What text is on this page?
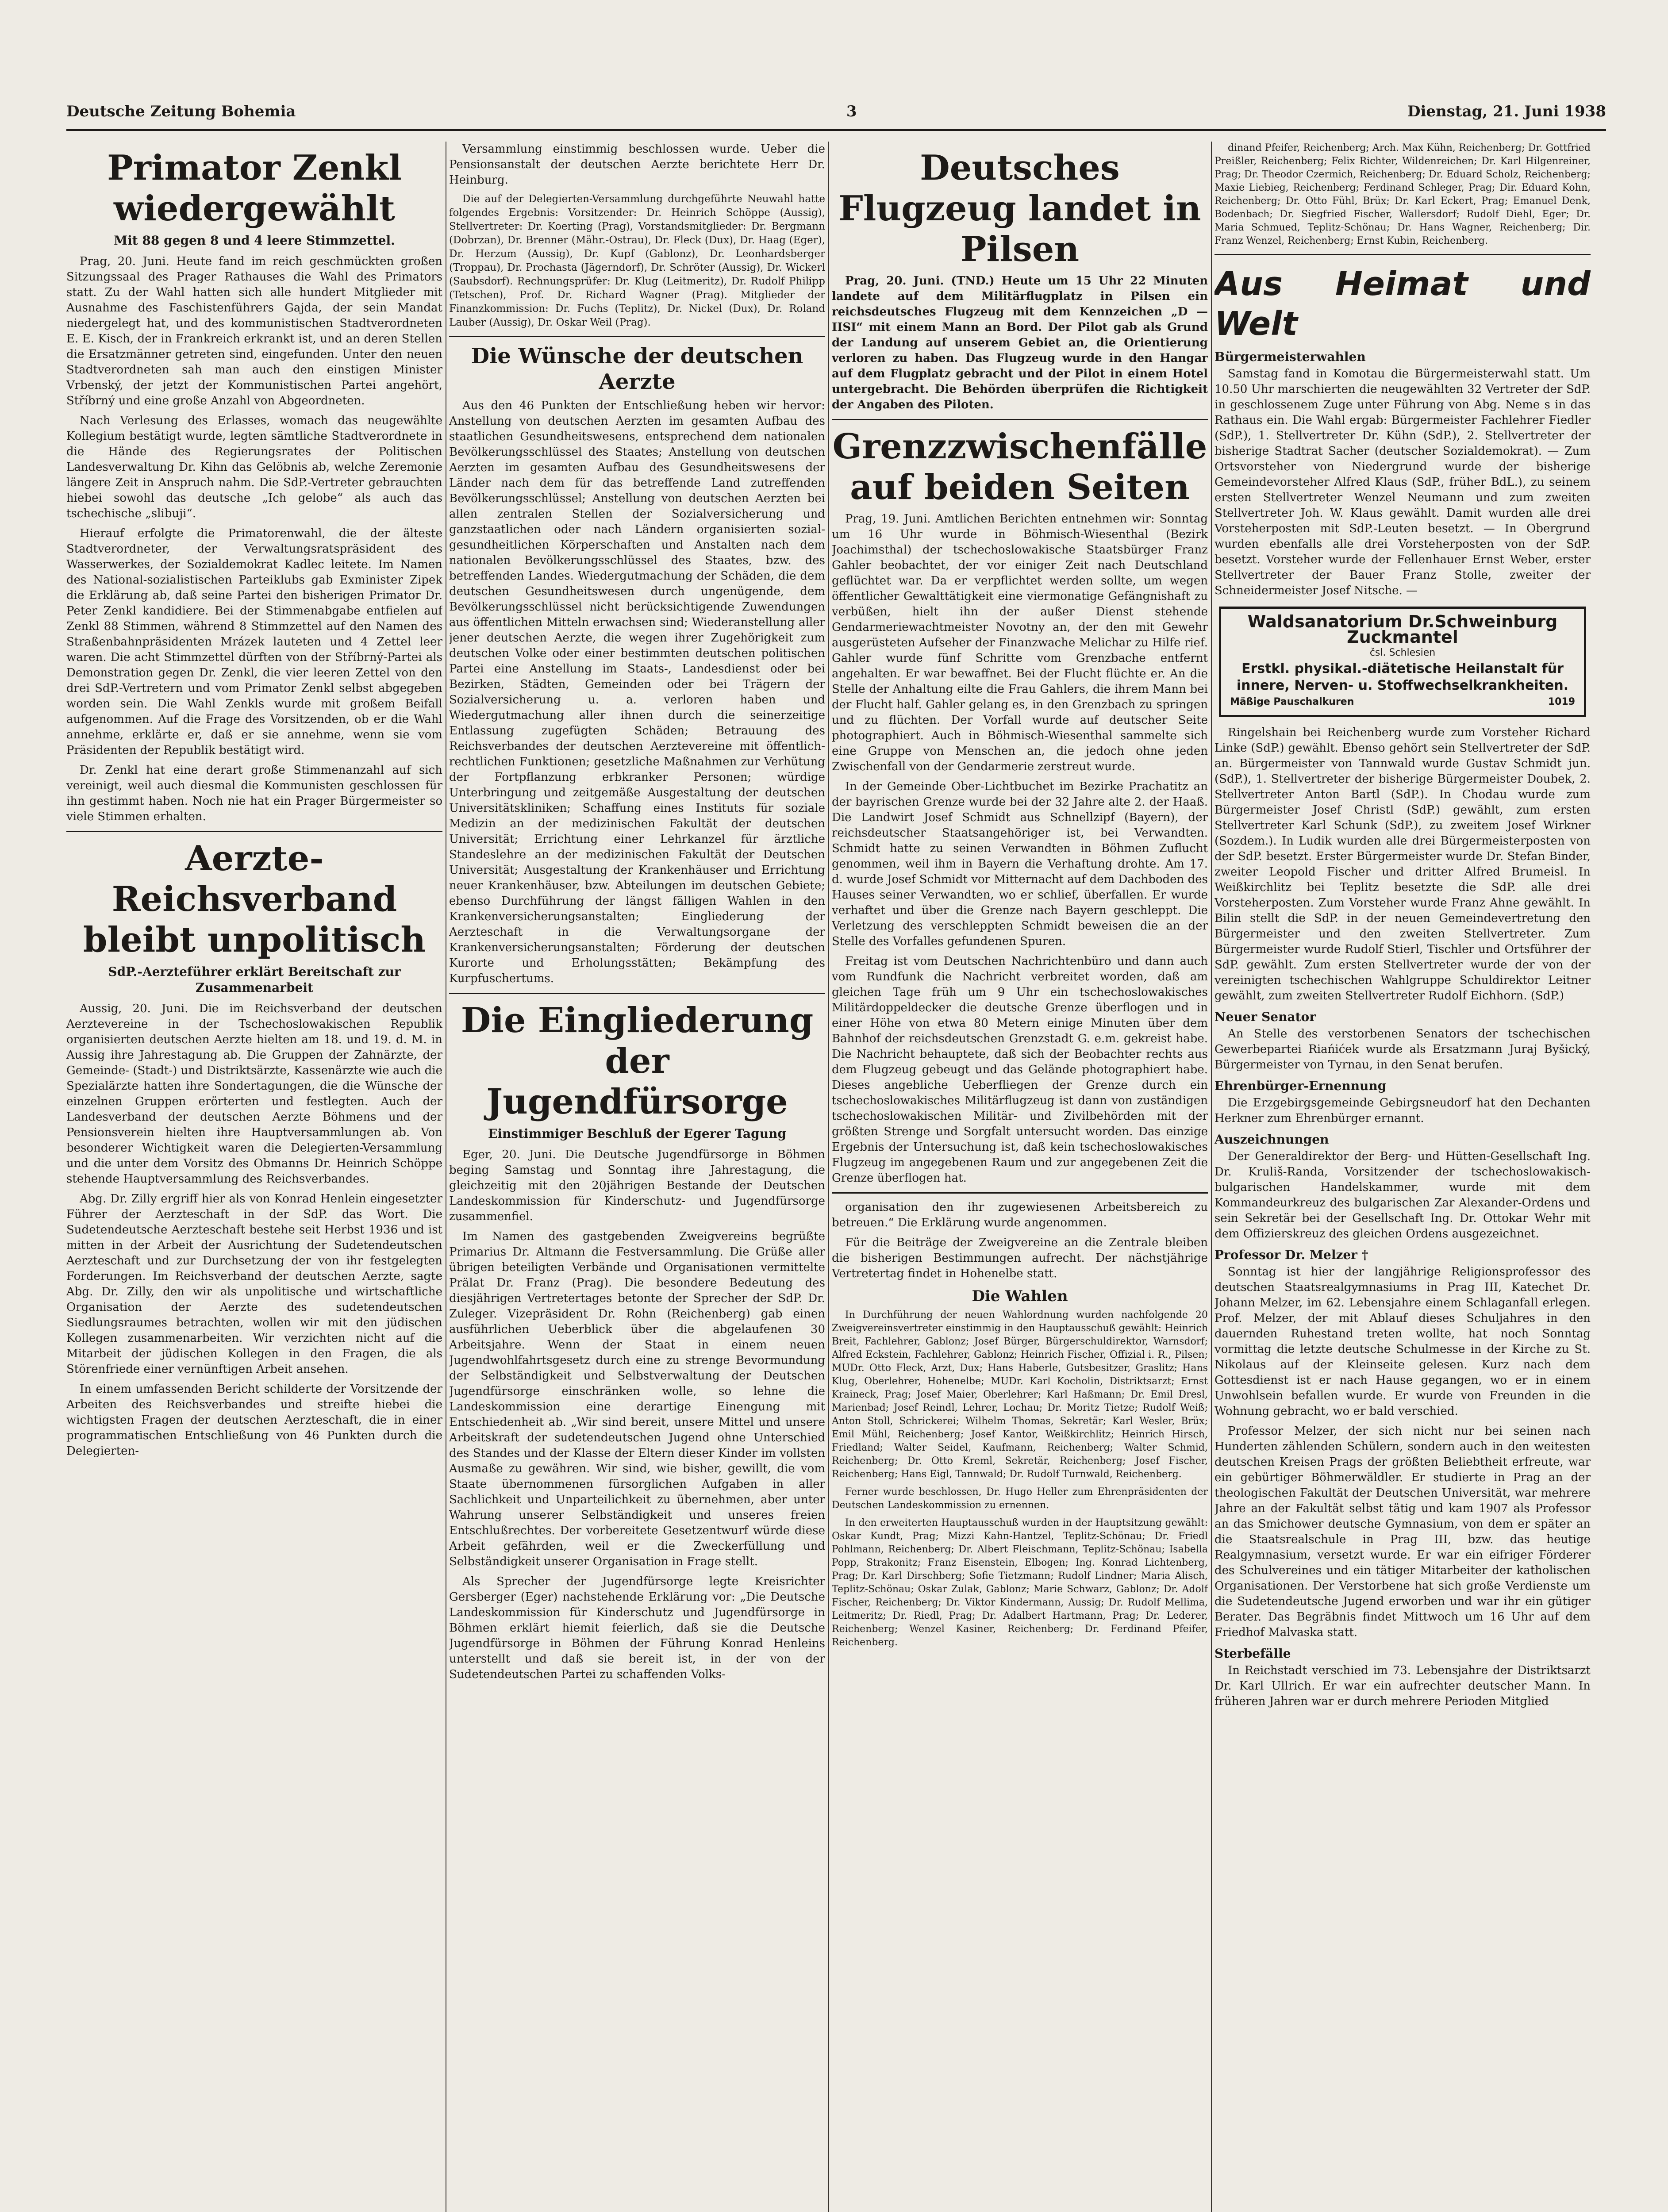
Deutsche Zeitung Bohemia	3	Dienstag, 21. Juni 1938
Primator Zenkl wiedergewählt
Mit 88 gegen 8 und 4 leere Stimmzettel.

Prag, 20. Juni. Heute fand im reich geschmückten großen Sitzungssaal des Prager Rathauses die Wahl des Primators statt. Zu der Wahl hatten sich alle hundert Mitglieder mit Ausnahme des Faschistenführers Gajda, der sein Mandat niedergelegt hat, und des kommunistischen Stadtverordneten E. E. Kisch, der in Frankreich erkrankt ist, und an deren Stellen die Ersatzmänner getreten sind, eingefunden. Unter den neuen Stadtverordneten sah man auch den einstigen Minister Vrbenský, der jetzt der Kommunistischen Partei angehört, Stříbrný und eine große Anzahl von Abgeordneten.

Nach Verlesung des Erlasses, womach das neugewählte Kollegium bestätigt wurde, legten sämtliche Stadtverordnete in die Hände des Regierungsrates der Politischen Landesverwaltung Dr. Kihn das Gelöbnis ab, welche Zeremonie längere Zeit in Anspruch nahm. Die SdP.-Vertreter gebrauchten hiebei sowohl das deutsche „Ich gelobe“ als auch das tschechische „slibuji“.

Hierauf erfolgte die Primatorenwahl, die der älteste Stadtverordneter, der Verwaltungsratspräsident des Wasserwerkes, der Sozialdemokrat Kadlec leitete. Im Namen des National-sozialistischen Parteiklubs gab Exminister Zipek die Erklärung ab, daß seine Partei den bisherigen Primator Dr. Peter Zenkl kandidiere. Bei der Stimmenabgabe entfielen auf Zenkl 88 Stimmen, während 8 Stimmzettel auf den Namen des Straßenbahnpräsidenten Mrázek lauteten und 4 Zettel leer waren. Die acht Stimmzettel dürften von der Stříbrný-Partei als Demonstration gegen Dr. Zenkl, die vier leeren Zettel von den drei SdP.-Vertretern und vom Primator Zenkl selbst abgegeben worden sein. Die Wahl Zenkls wurde mit großem Beifall aufgenommen. Auf die Frage des Vorsitzenden, ob er die Wahl annehme, erklärte er, daß er sie annehme, wenn sie vom Präsidenten der Republik bestätigt wird.

Dr. Zenkl hat eine derart große Stimmenanzahl auf sich vereinigt, weil auch diesmal die Kommunisten geschlossen für ihn gestimmt haben. Noch nie hat ein Prager Bürgermeister so viele Stimmen erhalten.

Aerzte-Reichsverband bleibt unpolitisch
SdP.-Aerzteführer erklärt Bereitschaft zur Zusammenarbeit

Aussig, 20. Juni. Die im Reichsverband der deutschen Aerztevereine in der Tschechoslowakischen Republik organisierten deutschen Aerzte hielten am 18. und 19. d. M. in Aussig ihre Jahrestagung ab. Die Gruppen der Zahnärzte, der Gemeinde- (Stadt-) und Distriktsärzte, Kassenärzte wie auch die Spezialärzte hatten ihre Sondertagungen, die die Wünsche der einzelnen Gruppen erörterten und festlegten. Auch der Landesverband der deutschen Aerzte Böhmens und der Pensionsverein hielten ihre Hauptversammlungen ab. Von besonderer Wichtigkeit waren die Delegierten-Versammlung und die unter dem Vorsitz des Obmanns Dr. Heinrich Schöppe stehende Hauptversammlung des Reichsverbandes.

Abg. Dr. Zilly ergriff hier als von Konrad Henlein eingesetzter Führer der Aerzteschaft in der SdP. das Wort. Die Sudetendeutsche Aerzteschaft bestehe seit Herbst 1936 und ist mitten in der Arbeit der Ausrichtung der Sudetendeutschen Aerzteschaft und zur Durchsetzung der von ihr festgelegten Forderungen. Im Reichsverband der deutschen Aerzte, sagte Abg. Dr. Zilly, den wir als unpolitische und wirtschaftliche Organisation der Aerzte des sudetendeutschen Siedlungsraumes betrachten, wollen wir mit den jüdischen Kollegen zusammenarbeiten. Wir verzichten nicht auf die Mitarbeit der jüdischen Kollegen in den Fragen, die als Störenfriede einer vernünftigen Arbeit ansehen.

In einem umfassenden Bericht schilderte der Vorsitzende der Arbeiten des Reichsverbandes und streifte hiebei die wichtigsten Fragen der deutschen Aerzteschaft, die in einer programmatischen Entschließung von 46 Punkten durch die Delegierten-

Versammlung einstimmig beschlossen wurde. Ueber die Pensionsanstalt der deutschen Aerzte berichtete Herr Dr. Heinburg.

Die auf der Delegierten-Versammlung durchgeführte Neuwahl hatte folgendes Ergebnis: Vorsitzender: Dr. Heinrich Schöppe (Aussig), Stellvertreter: Dr. Koerting (Prag), Vorstandsmitglieder: Dr. Bergmann (Dobrzan), Dr. Brenner (Mähr.-Ostrau), Dr. Fleck (Dux), Dr. Haag (Eger), Dr. Herzum (Aussig), Dr. Kupf (Gablonz), Dr. Leonhardsberger (Troppau), Dr. Prochasta (Jägerndorf), Dr. Schröter (Aussig), Dr. Wickerl (Saubsdorf). Rechnungsprüfer: Dr. Klug (Leitmeritz), Dr. Rudolf Philipp (Tetschen), Prof. Dr. Richard Wagner (Prag). Mitglieder der Finanzkommission: Dr. Fuchs (Teplitz), Dr. Nickel (Dux), Dr. Roland Lauber (Aussig), Dr. Oskar Weil (Prag).

Die Wünsche der deutschen Aerzte

Aus den 46 Punkten der Entschließung heben wir hervor: Anstellung von deutschen Aerzten im gesamten Aufbau des staatlichen Gesundheitswesens, entsprechend dem nationalen Bevölkerungsschlüssel des Staates; Anstellung von deutschen Aerzten im gesamten Aufbau des Gesundheitswesens der Länder nach dem für das betreffende Land zutreffenden Bevölkerungsschlüssel; Anstellung von deutschen Aerzten bei allen zentralen Stellen der Sozialversicherung und ganzstaatlichen oder nach Ländern organisierten sozial-gesundheitlichen Körperschaften und Anstalten nach dem nationalen Bevölkerungsschlüssel des Staates, bzw. des betreffenden Landes. Wiedergutmachung der Schäden, die dem deutschen Gesundheitswesen durch ungenügende, dem Bevölkerungsschlüssel nicht berücksichtigende Zuwendungen aus öffentlichen Mitteln erwachsen sind; Wiederanstellung aller jener deutschen Aerzte, die wegen ihrer Zugehörigkeit zum deutschen Volke oder einer bestimmten deutschen politischen Partei eine Anstellung im Staats-, Landesdienst oder bei Bezirken, Städten, Gemeinden oder bei Trägern der Sozialversicherung u. a. verloren haben und Wiedergutmachung aller ihnen durch die seinerzeitige Entlassung zugefügten Schäden; Betrauung des Reichsverbandes der deutschen Aerztevereine mit öffentlich-rechtlichen Funktionen; gesetzliche Maßnahmen zur Verhütung der Fortpflanzung erbkranker Personen; würdige Unterbringung und zeitgemäße Ausgestaltung der deutschen Universitätskliniken; Schaffung eines Instituts für soziale Medizin an der medizinischen Fakultät der deutschen Universität; Errichtung einer Lehrkanzel für ärztliche Standeslehre an der medizinischen Fakultät der Deutschen Universität; Ausgestaltung der Krankenhäuser und Errichtung neuer Krankenhäuser, bzw. Abteilungen im deutschen Gebiete; ebenso Durchführung der längst fälligen Wahlen in den Krankenversicherungsanstalten; Eingliederung der Aerzteschaft in die Verwaltungsorgane der Krankenversicherungsanstalten; Förderung der deutschen Kurorte und Erholungsstätten; Bekämpfung des Kurpfuschertums.

Die Eingliederung der Jugendfürsorge
Einstimmiger Beschluß der Egerer Tagung

Eger, 20. Juni. Die Deutsche Jugendfürsorge in Böhmen beging Samstag und Sonntag ihre Jahrestagung, die gleichzeitig mit den 20jährigen Bestande der Deutschen Landeskommission für Kinderschutz- und Jugendfürsorge zusammenfiel.

Im Namen des gastgebenden Zweigvereins begrüßte Primarius Dr. Altmann die Festversammlung. Die Grüße aller übrigen beteiligten Verbände und Organisationen vermittelte Prälat Dr. Franz (Prag). Die besondere Bedeutung des diesjährigen Vertretertages betonte der Sprecher der SdP. Dr. Zuleger. Vizepräsident Dr. Rohn (Reichenberg) gab einen ausführlichen Ueberblick über die abgelaufenen 30 Arbeitsjahre. Wenn der Staat in einem neuen Jugendwohlfahrtsgesetz durch eine zu strenge Bevormundung der Selbständigkeit und Selbstverwaltung der Deutschen Jugendfürsorge einschränken wolle, so lehne die Landeskommission eine derartige Einengung mit Entschiedenheit ab. „Wir sind bereit, unsere Mittel und unsere Arbeitskraft der sudetendeutschen Jugend ohne Unterschied des Standes und der Klasse der Eltern dieser Kinder im vollsten Ausmaße zu gewähren. Wir sind, wie bisher, gewillt, die vom Staate übernommenen fürsorglichen Aufgaben in aller Sachlichkeit und Unparteilichkeit zu übernehmen, aber unter Wahrung unserer Selbständigkeit und unseres freien Entschlußrechtes. Der vorbereitete Gesetzentwurf würde diese Arbeit gefährden, weil er die Zweckerfüllung und Selbständigkeit unserer Organisation in Frage stellt.

Als Sprecher der Jugendfürsorge legte Kreisrichter Gersberger (Eger) nachstehende Erklärung vor: „Die Deutsche Landeskommission für Kinderschutz und Jugendfürsorge in Böhmen erklärt hiemit feierlich, daß sie die Deutsche Jugendfürsorge in Böhmen der Führung Konrad Henleins unterstellt und daß sie bereit ist, in der von der Sudetendeutschen Partei zu schaffenden Volks-

Deutsches Flugzeug landet in Pilsen

Prag, 20. Juni. (TND.) Heute um 15 Uhr 22 Minuten landete auf dem Militärflugplatz in Pilsen ein reichsdeutsches Flugzeug mit dem Kennzeichen „D — IISI“ mit einem Mann an Bord. Der Pilot gab als Grund der Landung auf unserem Gebiet an, die Orientierung verloren zu haben. Das Flugzeug wurde in den Hangar auf dem Flugplatz gebracht und der Pilot in einem Hotel untergebracht. Die Behörden überprüfen die Richtigkeit der Angaben des Piloten.

Grenzzwischenfälle auf beiden Seiten

Prag, 19. Juni. Amtlichen Berichten entnehmen wir: Sonntag um 16 Uhr wurde in Böhmisch-Wiesenthal (Bezirk Joachimsthal) der tschechoslowakische Staatsbürger Franz Gahler beobachtet, der vor einiger Zeit nach Deutschland geflüchtet war. Da er verpflichtet werden sollte, um wegen öffentlicher Gewalttätigkeit eine viermonatige Gefängnishaft zu verbüßen, hielt ihn der außer Dienst stehende Gendarmeriewachtmeister Novotny an, der den mit Gewehr ausgerüsteten Aufseher der Finanzwache Melichar zu Hilfe rief. Gahler wurde fünf Schritte vom Grenzbache entfernt angehalten. Er war bewaffnet. Bei der Flucht flüchte er. An die Stelle der Anhaltung eilte die Frau Gahlers, die ihrem Mann bei der Flucht half. Gahler gelang es, in den Grenzbach zu springen und zu flüchten. Der Vorfall wurde auf deutscher Seite photographiert. Auch in Böhmisch-Wiesenthal sammelte sich eine Gruppe von Menschen an, die jedoch ohne jeden Zwischenfall von der Gendarmerie zerstreut wurde.

In der Gemeinde Ober-Lichtbuchet im Bezirke Prachatitz an der bayrischen Grenze wurde bei der 32 Jahre alte 2. der Haaß. Die Landwirt Josef Schmidt aus Schnellzipf (Bayern), der reichsdeutscher Staatsangehöriger ist, bei Verwandten. Schmidt hatte zu seinen Verwandten in Böhmen Zuflucht genommen, weil ihm in Bayern die Verhaftung drohte. Am 17. d. wurde Josef Schmidt vor Mitternacht auf dem Dachboden des Hauses seiner Verwandten, wo er schlief, überfallen. Er wurde verhaftet und über die Grenze nach Bayern geschleppt. Die Verletzung des verschleppten Schmidt beweisen die an der Stelle des Vorfalles gefundenen Spuren.

Freitag ist vom Deutschen Nachrichtenbüro und dann auch vom Rundfunk die Nachricht verbreitet worden, daß am gleichen Tage früh um 9 Uhr ein tschechoslowakisches Militärdoppeldecker die deutsche Grenze überflogen und in einer Höhe von etwa 80 Metern einige Minuten über dem Bahnhof der reichsdeutschen Grenzstadt G. e.m. gekreist habe. Die Nachricht behauptete, daß sich der Beobachter rechts aus dem Flugzeug gebeugt und das Gelände photographiert habe. Dieses angebliche Ueberfliegen der Grenze durch ein tschechoslowakisches Militärflugzeug ist dann von zuständigen tschechoslowakischen Militär- und Zivilbehörden mit der größten Strenge und Sorgfalt untersucht worden. Das einzige Ergebnis der Untersuchung ist, daß kein tschechoslowakisches Flugzeug im angegebenen Raum und zur angegebenen Zeit die Grenze überflogen hat.

organisation den ihr zugewiesenen Arbeitsbereich zu betreuen.“ Die Erklärung wurde angenommen.

Für die Beiträge der Zweigvereine an die Zentrale bleiben die bisherigen Bestimmungen aufrecht. Der nächstjährige Vertretertag findet in Hohenelbe statt.

Die Wahlen

In Durchführung der neuen Wahlordnung wurden nachfolgende 20 Zweigvereinsvertreter einstimmig in den Hauptausschuß gewählt: Heinrich Breit, Fachlehrer, Gablonz; Josef Bürger, Bürgerschuldirektor, Warnsdorf; Alfred Eckstein, Fachlehrer, Gablonz; Heinrich Fischer, Offizial i. R., Pilsen; MUDr. Otto Fleck, Arzt, Dux; Hans Haberle, Gutsbesitzer, Graslitz; Hans Klug, Oberlehrer, Hohenelbe; MUDr. Karl Kocholin, Distriktsarzt; Ernst Kraineck, Prag; Josef Maier, Oberlehrer; Karl Haßmann; Dr. Emil Dresl, Marienbad; Josef Reindl, Lehrer, Lochau; Dr. Moritz Tietze; Rudolf Weiß; Anton Stoll, Schrickerei; Wilhelm Thomas, Sekretär; Karl Wesler, Brüx; Emil Mühl, Reichenberg; Josef Kantor, Weißkirchlitz; Heinrich Hirsch, Friedland; Walter Seidel, Kaufmann, Reichenberg; Walter Schmid, Reichenberg; Dr. Otto Kreml, Sekretär, Reichenberg; Josef Fischer, Reichenberg; Hans Eigl, Tannwald; Dr. Rudolf Turnwald, Reichenberg.

Ferner wurde beschlossen, Dr. Hugo Heller zum Ehrenpräsidenten der Deutschen Landeskommission zu ernennen.

In den erweiterten Hauptausschuß wurden in der Hauptsitzung gewählt: Oskar Kundt, Prag; Mizzi Kahn-Hantzel, Teplitz-Schönau; Dr. Friedl Pohlmann, Reichenberg; Dr. Albert Fleischmann, Teplitz-Schönau; Isabella Popp, Strakonitz; Franz Eisenstein, Elbogen; Ing. Konrad Lichtenberg, Prag; Dr. Karl Dirschberg; Sofie Tietzmann; Rudolf Lindner; Maria Alisch, Teplitz-Schönau; Oskar Zulak, Gablonz; Marie Schwarz, Gablonz; Dr. Adolf Fischer, Reichenberg; Dr. Viktor Kindermann, Aussig; Dr. Rudolf Mellima, Leitmeritz; Dr. Riedl, Prag; Dr. Adalbert Hartmann, Prag; Dr. Lederer, Reichenberg; Wenzel Kasiner, Reichenberg; Dr. Ferdinand Pfeifer, Reichenberg.

dinand Pfeifer, Reichenberg; Arch. Max Kühn, Reichenberg; Dr. Gottfried Preißler, Reichenberg; Felix Richter, Wildenreichen; Dr. Karl Hilgenreiner, Prag; Dr. Theodor Czermich, Reichenberg; Dr. Eduard Scholz, Reichenberg; Maxie Liebieg, Reichenberg; Ferdinand Schleger, Prag; Dir. Eduard Kohn, Reichenberg; Dr. Otto Fühl, Brüx; Dr. Karl Eckert, Prag; Emanuel Denk, Bodenbach; Dr. Siegfried Fischer, Wallersdorf; Rudolf Diehl, Eger; Dr. Maria Schmued, Teplitz-Schönau; Dr. Hans Wagner, Reichenberg; Dir. Franz Wenzel, Reichenberg; Ernst Kubin, Reichenberg.

Aus Heimat und Welt
Bürgermeisterwahlen

Samstag fand in Komotau die Bürgermeisterwahl statt. Um 10.50 Uhr marschierten die neugewählten 32 Vertreter der SdP. in geschlossenem Zuge unter Führung von Abg. Neme s in das Rathaus ein. Die Wahl ergab: Bürgermeister Fachlehrer Fiedler (SdP.), 1. Stellvertreter Dr. Kühn (SdP.), 2. Stellvertreter der bisherige Stadtrat Sacher (deutscher Sozialdemokrat). — Zum Ortsvorsteher von Niedergrund wurde der bisherige Gemeindevorsteher Alfred Klaus (SdP., früher BdL.), zu seinem ersten Stellvertreter Wenzel Neumann und zum zweiten Stellvertreter Joh. W. Klaus gewählt. Damit wurden alle drei Vorsteherposten mit SdP.-Leuten besetzt. — In Obergrund wurden ebenfalls alle drei Vorsteherposten von der SdP. besetzt. Vorsteher wurde der Fellenhauer Ernst Weber, erster Stellvertreter der Bauer Franz Stolle, zweiter der Schneidermeister Josef Nitsche. —

Waldsanatorium Dr.Schweinburg Zuckmantel
čsl. Schlesien
Erstkl. physikal.-diätetische Heilanstalt für innere, Nerven- u. Stoffwechselkrankheiten.
Mäßige Pauschalkuren	1019

Ringelshain bei Reichenberg wurde zum Vorsteher Richard Linke (SdP.) gewählt. Ebenso gehört sein Stellvertreter der SdP. an. Bürgermeister von Tannwald wurde Gustav Schmidt jun. (SdP.), 1. Stellvertreter der bisherige Bürgermeister Doubek, 2. Stellvertreter Anton Bartl (SdP.). In Chodau wurde zum Bürgermeister Josef Christl (SdP.) gewählt, zum ersten Stellvertreter Karl Schunk (SdP.), zu zweitem Josef Wirkner (Sozdem.). In Ludik wurden alle drei Bürgermeisterposten von der SdP. besetzt. Erster Bürgermeister wurde Dr. Stefan Binder, zweiter Leopold Fischer und dritter Alfred Brumeisl. In Weißkirchlitz bei Teplitz besetzte die SdP. alle drei Vorsteherposten. Zum Vorsteher wurde Franz Ahne gewählt. In Bilin stellt die SdP. in der neuen Gemeindevertretung den Bürgermeister und den zweiten Stellvertreter. Zum Bürgermeister wurde Rudolf Stierl, Tischler und Ortsführer der SdP. gewählt. Zum ersten Stellvertreter wurde der von der vereinigten tschechischen Wahlgruppe Schuldirektor Leitner gewählt, zum zweiten Stellvertreter Rudolf Eichhorn. (SdP.)

Neuer Senator

An Stelle des verstorbenen Senators der tschechischen Gewerbepartei Riańićek wurde als Ersatzmann Juraj Byšický, Bürgermeister von Tyrnau, in den Senat berufen.

Ehrenbürger-Ernennung

Die Erzgebirgsgemeinde Gebirgsneudorf hat den Dechanten Herkner zum Ehrenbürger ernannt.

Auszeichnungen

Der Generaldirektor der Berg- und Hütten-Gesellschaft Ing. Dr. Kruliš-Randa, Vorsitzender der tschechoslowakisch-bulgarischen Handelskammer, wurde mit dem Kommandeurkreuz des bulgarischen Zar Alexander-Ordens und sein Sekretär bei der Gesellschaft Ing. Dr. Ottokar Wehr mit dem Offizierskreuz des gleichen Ordens ausgezeichnet.

Professor Dr. Melzer †

Sonntag ist hier der langjährige Religionsprofessor des deutschen Staatsrealgymnasiums in Prag III, Katechet Dr. Johann Melzer, im 62. Lebensjahre einem Schlaganfall erlegen. Prof. Melzer, der mit Ablauf dieses Schuljahres in den dauernden Ruhestand treten wollte, hat noch Sonntag vormittag die letzte deutsche Schulmesse in der Kirche zu St. Nikolaus auf der Kleinseite gelesen. Kurz nach dem Gottesdienst ist er nach Hause gegangen, wo er in einem Unwohlsein befallen wurde. Er wurde von Freunden in die Wohnung gebracht, wo er bald verschied.

Professor Melzer, der sich nicht nur bei seinen nach Hunderten zählenden Schülern, sondern auch in den weitesten deutschen Kreisen Prags der größten Beliebtheit erfreute, war ein gebürtiger Böhmerwäldler. Er studierte in Prag an der theologischen Fakultät der Deutschen Universität, war mehrere Jahre an der Fakultät selbst tätig und kam 1907 als Professor an das Smichower deutsche Gymnasium, von dem er später an die Staatsrealschule in Prag III, bzw. das heutige Realgymnasium, versetzt wurde. Er war ein eifriger Förderer des Schulvereines und ein tätiger Mitarbeiter der katholischen Organisationen. Der Verstorbene hat sich große Verdienste um die Sudetendeutsche Jugend erworben und war ihr ein gütiger Berater. Das Begräbnis findet Mittwoch um 16 Uhr auf dem Friedhof Malvaska statt.

Sterbefälle

In Reichstadt verschied im 73. Lebensjahre der Distriktsarzt Dr. Karl Ullrich. Er war ein aufrechter deutscher Mann. In früheren Jahren war er durch mehrere Perioden Mitglied
